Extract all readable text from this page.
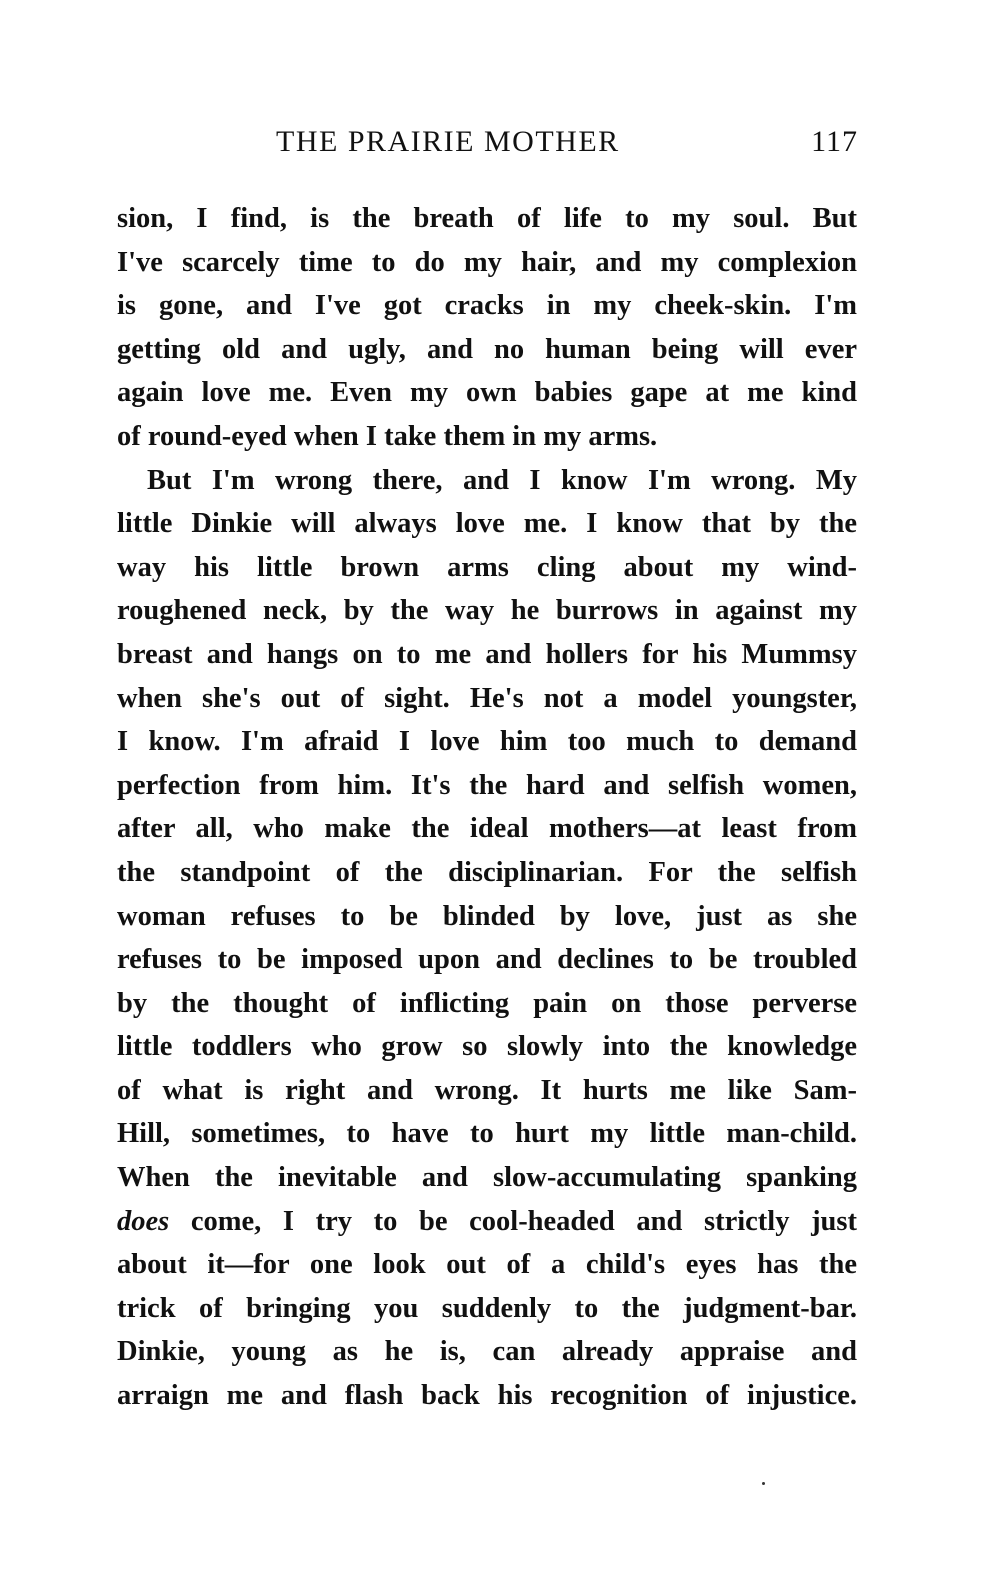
THE PRAIRIE MOTHER	117
sion, I find, is the breath of life to my soul. But
I've scarcely time to do my hair, and my complexion
is gone, and I've got cracks in my cheek-skin. I'm
getting old and ugly, and no human being will ever
again love me. Even my own babies gape at me kind
of round-eyed when I take them in my arms.
But I'm wrong there, and I know I'm wrong. My
little Dinkie will always love me. I know that by the
way his little brown arms cling about my wind-
roughened neck, by the way he burrows in against my
breast and hangs on to me and hollers for his Mummsy
when she's out of sight. He's not a model youngster,
I know. I'm afraid I love him too much to demand
perfection from him. It's the hard and selfish women,
after all, who make the ideal mothers—at least from
the standpoint of the disciplinarian. For the selfish
woman refuses to be blinded by love, just as she
refuses to be imposed upon and declines to be troubled
by the thought of inflicting pain on those perverse
little toddlers who grow so slowly into the knowledge
of what is right and wrong. It hurts me like Sam-
Hill, sometimes, to have to hurt my little man-child.
When the inevitable and slow-accumulating spanking
does come, I try to be cool-headed and strictly just
about it—for one look out of a child's eyes has the
trick of bringing you suddenly to the judgment-bar.
Dinkie, young as he is, can already appraise and
arraign me and flash back his recognition of injustice.
